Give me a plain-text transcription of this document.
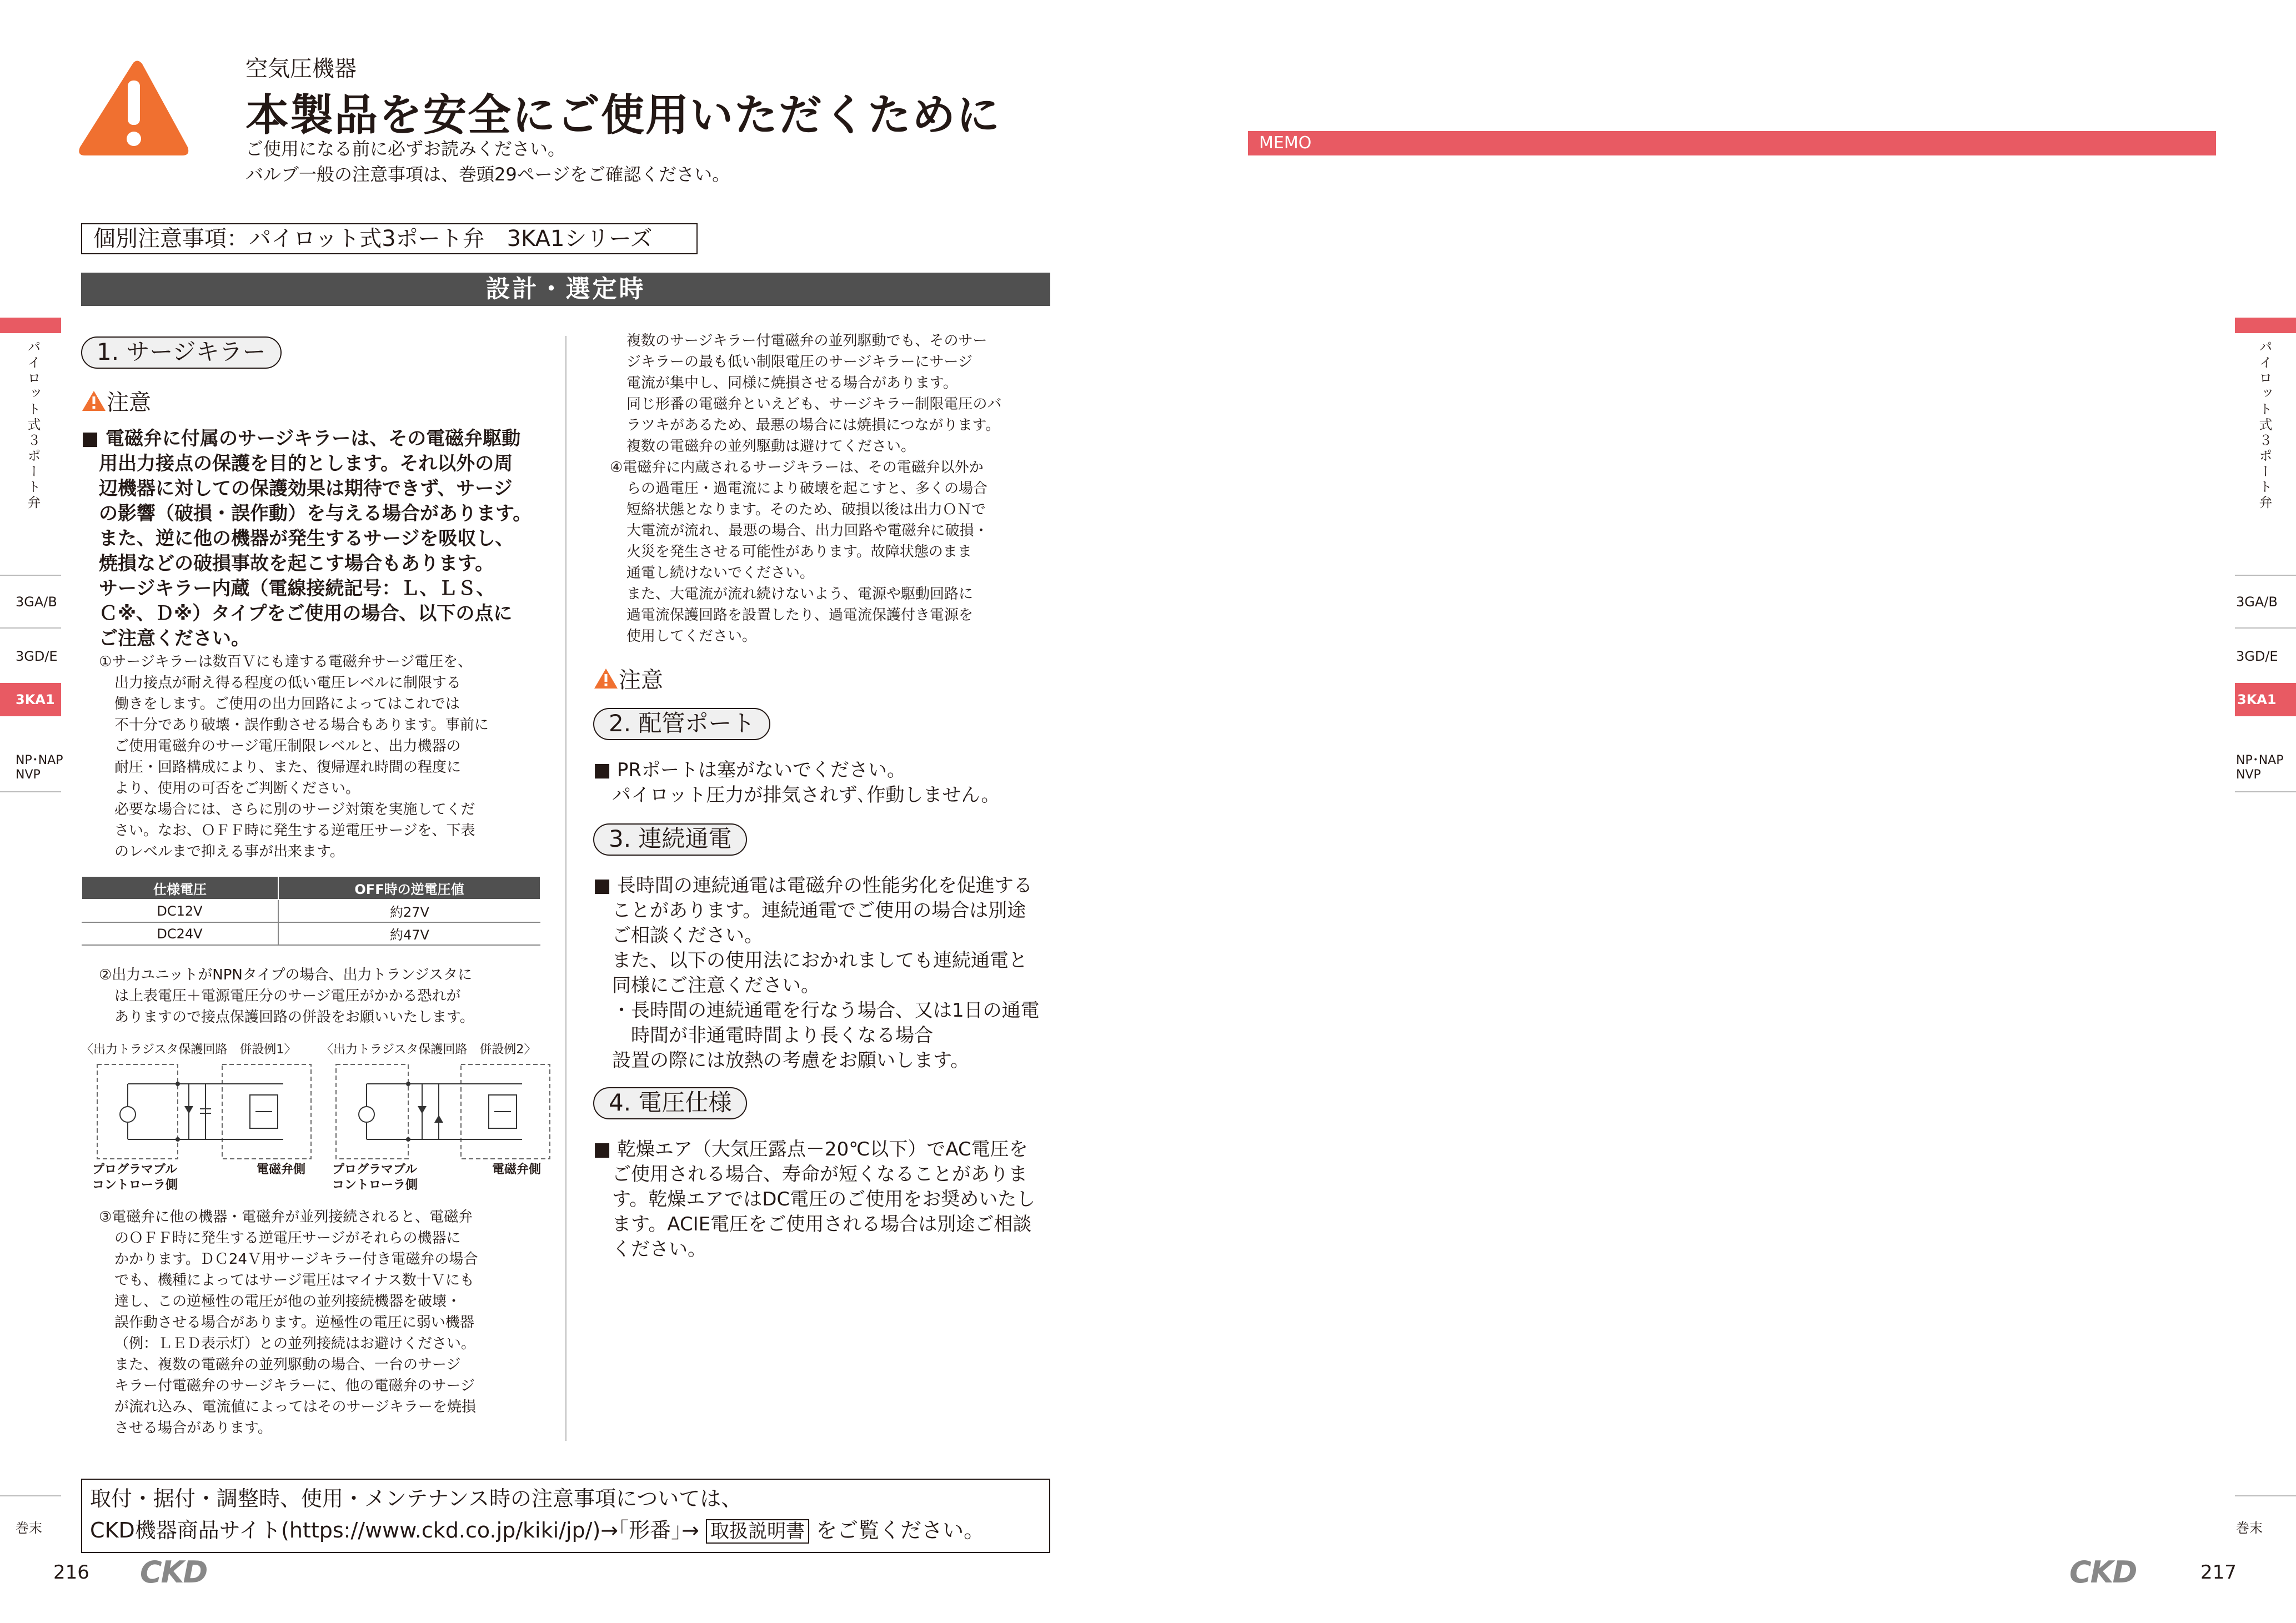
空気圧機器
本製品を安全にご使用いただくために
ご使用になる前に必ずお読みください。
バルブ一般の注意事項は、巻頭29ページをご確認ください。
個別注意事項：パイロット式3ポート弁　3KA1シリーズ
設計・選定時
1. サージキラー
注意
■ 電磁弁に付属のサージキラーは、その電磁弁駆動
用出力接点の保護を目的とします。それ以外の周
辺機器に対しての保護効果は期待できず、サージ
の影響（破損・誤作動）を与える場合があります。
また、逆に他の機器が発生するサージを吸収し、
焼損などの破損事故を起こす場合もあります。
サージキラー内蔵（電線接続記号：Ｌ、ＬＳ、
Ｃ※、Ｄ※）タイプをご使用の場合、以下の点に
ご注意ください。
①サージキラーは数百Ｖにも達する電磁弁サージ電圧を、
出力接点が耐え得る程度の低い電圧レベルに制限する
働きをします。ご使用の出力回路によってはこれでは
不十分であり破壊・誤作動させる場合もあります。事前に
ご使用電磁弁のサージ電圧制限レベルと、出力機器の
耐圧・回路構成により、また、復帰遅れ時間の程度に
より、使用の可否をご判断ください。
必要な場合には、さらに別のサージ対策を実施してくだ
さい。なお、ＯＦＦ時に発生する逆電圧サージを、下表
のレベルまで抑える事が出来ます。
仕様電圧	OFF時の逆電圧値
DC12V	約27V
DC24V	約47V
②出力ユニットがNPNタイプの場合、出力トランジスタに
は上表電圧＋電源電圧分のサージ電圧がかかる恐れが
ありますので接点保護回路の併設をお願いいたします。
〈出力トラジスタ保護回路　併設例1〉 〈出力トラジスタ保護回路　併設例2〉
プログラマブル
コントローラ側
電磁弁側 プログラマブル
コントローラ側
電磁弁側
③電磁弁に他の機器・電磁弁が並列接続されると、電磁弁
のＯＦＦ時に発生する逆電圧サージがそれらの機器に
かかります。ＤＣ24Ｖ用サージキラー付き電磁弁の場合
でも、機種によってはサージ電圧はマイナス数十Ｖにも
達し、この逆極性の電圧が他の並列接続機器を破壊・
誤作動させる場合があります。逆極性の電圧に弱い機器
（例：ＬＥＤ表示灯）との並列接続はお避けください。
また、複数の電磁弁の並列駆動の場合、一台のサージ
キラー付電磁弁のサージキラーに、他の電磁弁のサージ
が流れ込み、電流値によってはそのサージキラーを焼損
させる場合があります。
複数のサージキラー付電磁弁の並列駆動でも、そのサー
ジキラーの最も低い制限電圧のサージキラーにサージ
電流が集中し、同様に焼損させる場合があります。
同じ形番の電磁弁といえども、サージキラー制限電圧のバ
ラツキがあるため、最悪の場合には焼損につながります。
複数の電磁弁の並列駆動は避けてください。
④電磁弁に内蔵されるサージキラーは、その電磁弁以外か
らの過電圧・過電流により破壊を起こすと、多くの場合
短絡状態となります。そのため、破損以後は出力ＯＮで
大電流が流れ、最悪の場合、出力回路や電磁弁に破損・
火災を発生させる可能性があります。故障状態のまま
通電し続けないでください。
また、大電流が流れ続けないよう、電源や駆動回路に
過電流保護回路を設置したり、過電流保護付き電源を
使用してください。
注意
2. 配管ポート
■ PRポートは塞がないでください。
パイロット圧力が排気されず､作動しません。
3. 連続通電
■ 長時間の連続通電は電磁弁の性能劣化を促進する
ことがあります。連続通電でご使用の場合は別途
ご相談ください。
また、以下の使用法におかれましても連続通電と
同様にご注意ください。
・長時間の連続通電を行なう場合、又は1日の通電
時間が非通電時間より長くなる場合
設置の際には放熱の考慮をお願いします。
4. 電圧仕様
■ 乾燥エア（大気圧露点－20℃以下）でAC電圧を
ご使用される場合、寿命が短くなることがありま
す。乾燥エアではDC電圧のご使用をお奨めいたし
ます。ACIE電圧をご使用される場合は別途ご相談
ください。
取付・据付・調整時、使用・メンテナンス時の注意事項については、
CKD機器商品サイト(https://www.ckd.co.jp/kiki/jp/)→｢形番｣→ 取扱説明書 をご覧ください。
パイロット式３ポート弁
3GA/B
3GD/E
3KA1
NP･NAP
NVP
巻末
216 CKD
MEMO
パイロット式３ポート弁
3GA/B
3GD/E
3KA1
NP･NAP
NVP
巻末
CKD	217
